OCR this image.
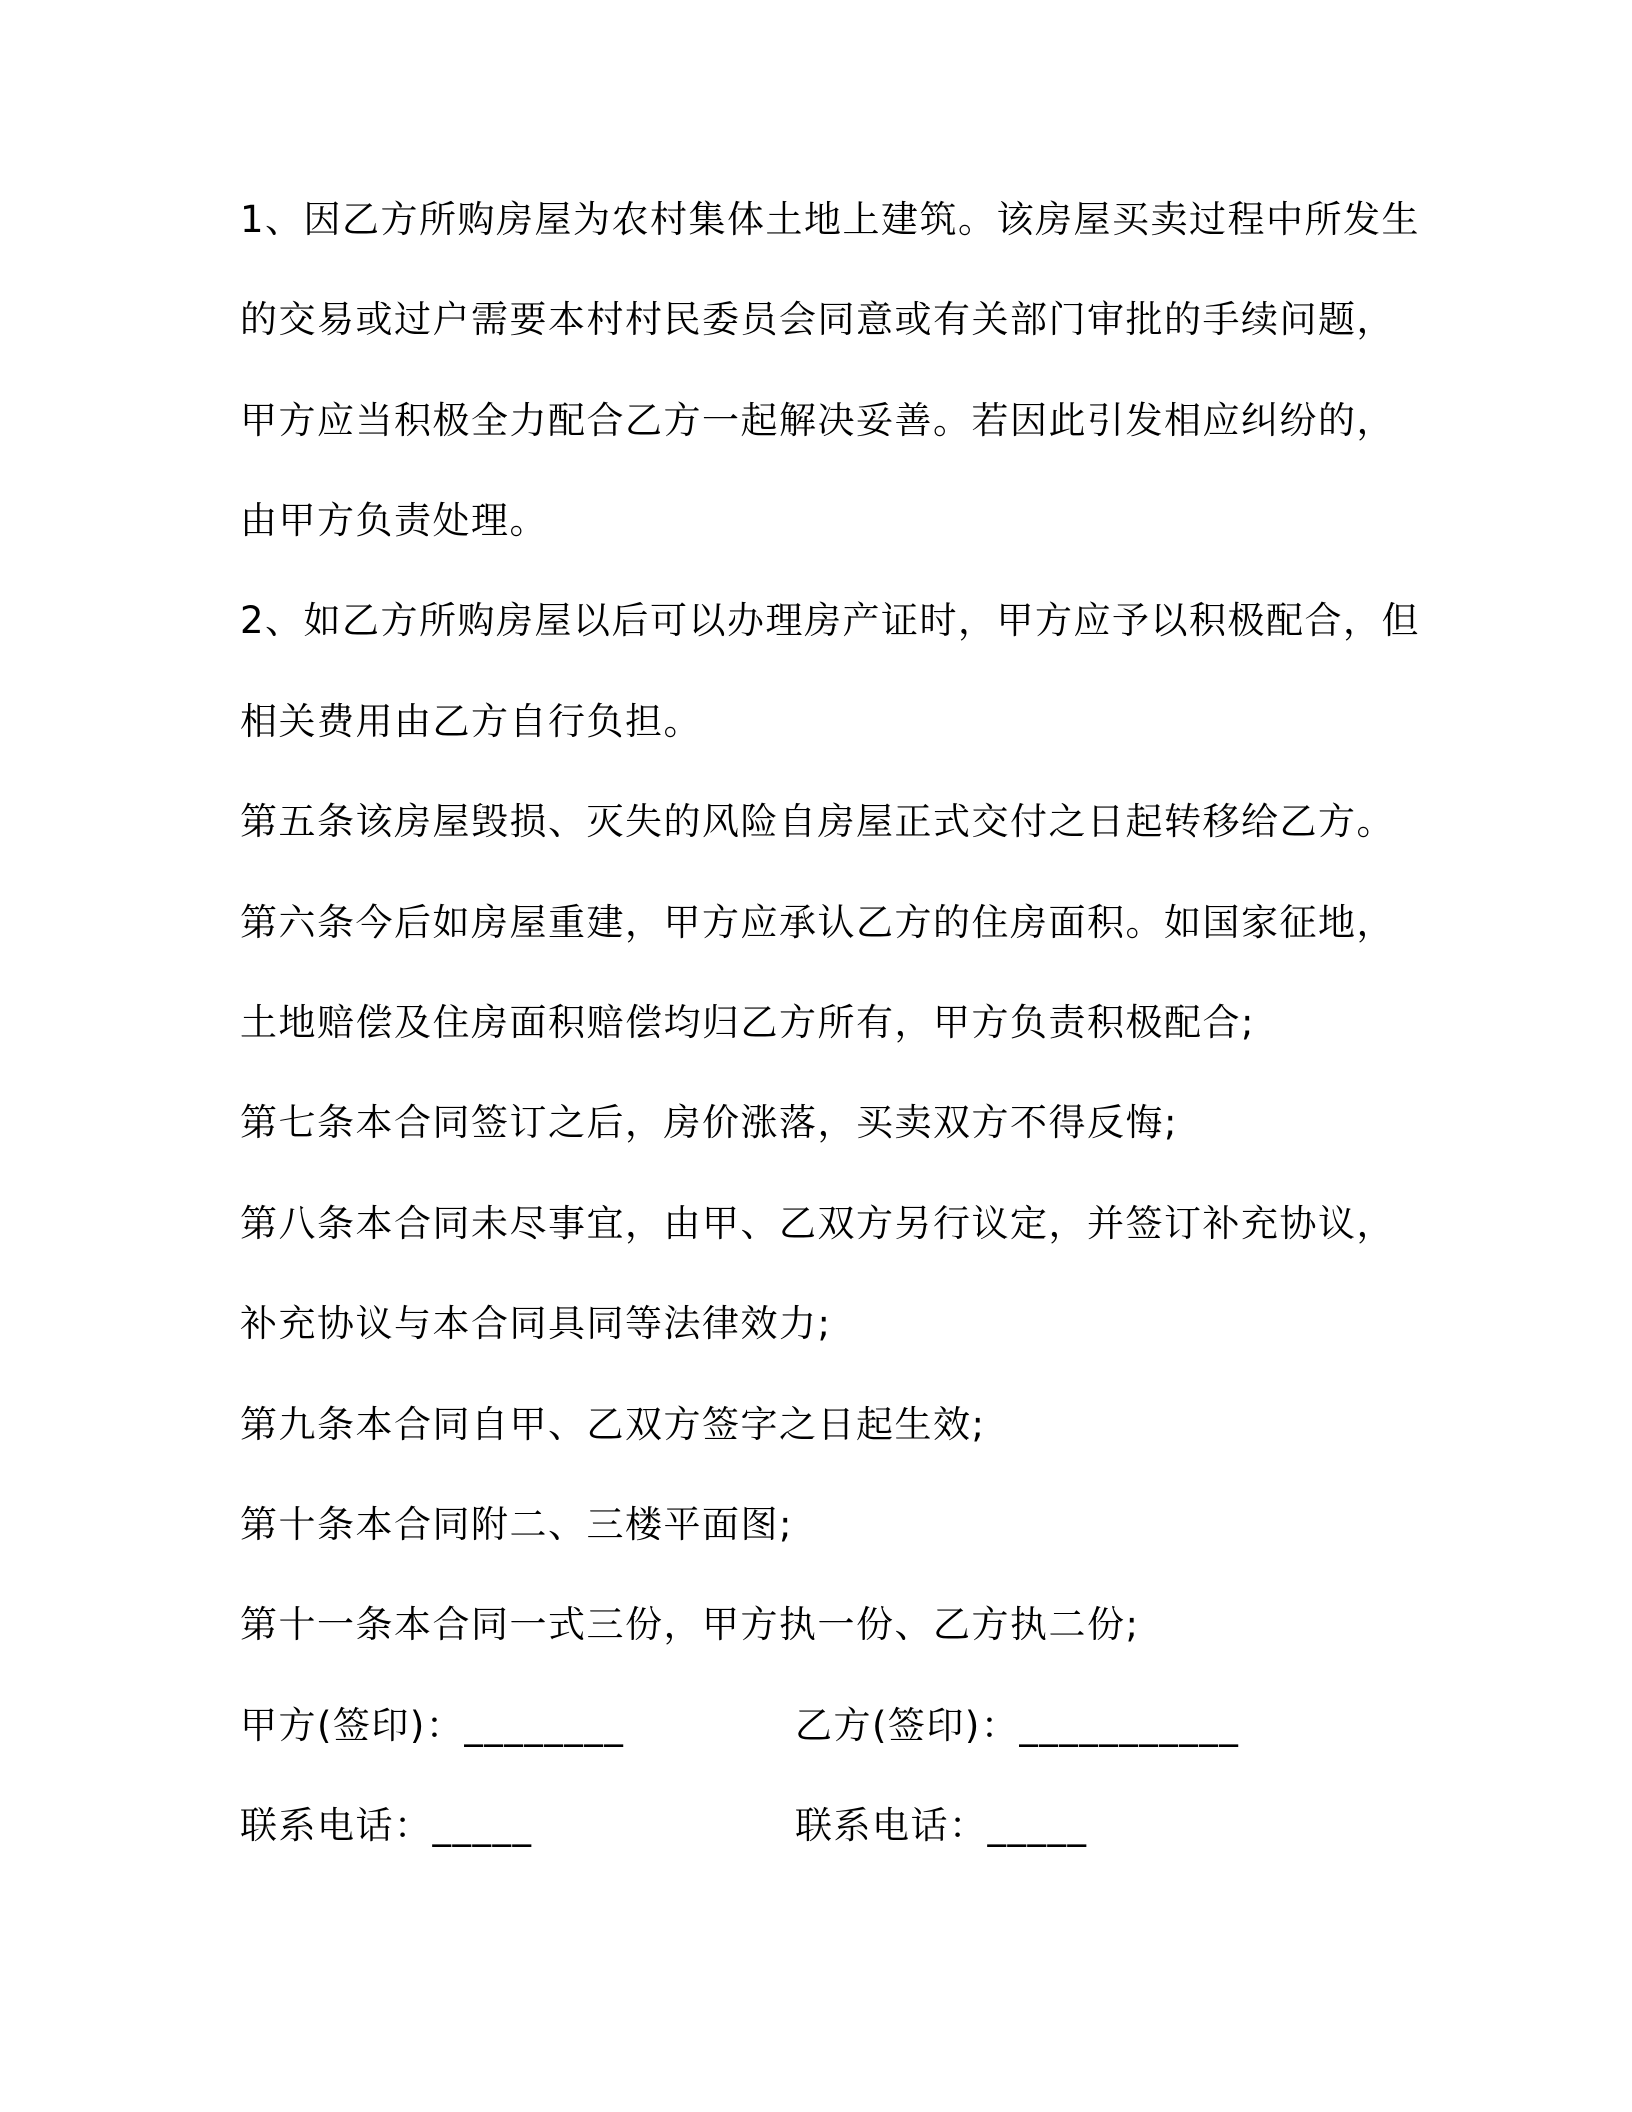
1、因乙方所购房屋为农村集体土地上建筑。该房屋买卖过程中所发生
的交易或过户需要本村村民委员会同意或有关部门审批的手续问题，
甲方应当积极全力配合乙方一起解决妥善。若因此引发相应纠纷的，
由甲方负责处理。
2、如乙方所购房屋以后可以办理房产证时，甲方应予以积极配合，但
相关费用由乙方自行负担。
第五条该房屋毁损、灭失的风险自房屋正式交付之日起转移给乙方。
第六条今后如房屋重建，甲方应承认乙方的住房面积。如国家征地，
土地赔偿及住房面积赔偿均归乙方所有，甲方负责积极配合;
第七条本合同签订之后，房价涨落，买卖双方不得反悔;
第八条本合同未尽事宜，由甲、乙双方另行议定，并签订补充协议，
补充协议与本合同具同等法律效力;
第九条本合同自甲、乙双方签字之日起生效;
第十条本合同附二、三楼平面图;
第十一条本合同一式三份，甲方执一份、乙方执二份;
甲方(签印)：________	乙方(签印)：___________
联系电话：_____	联系电话：_____
